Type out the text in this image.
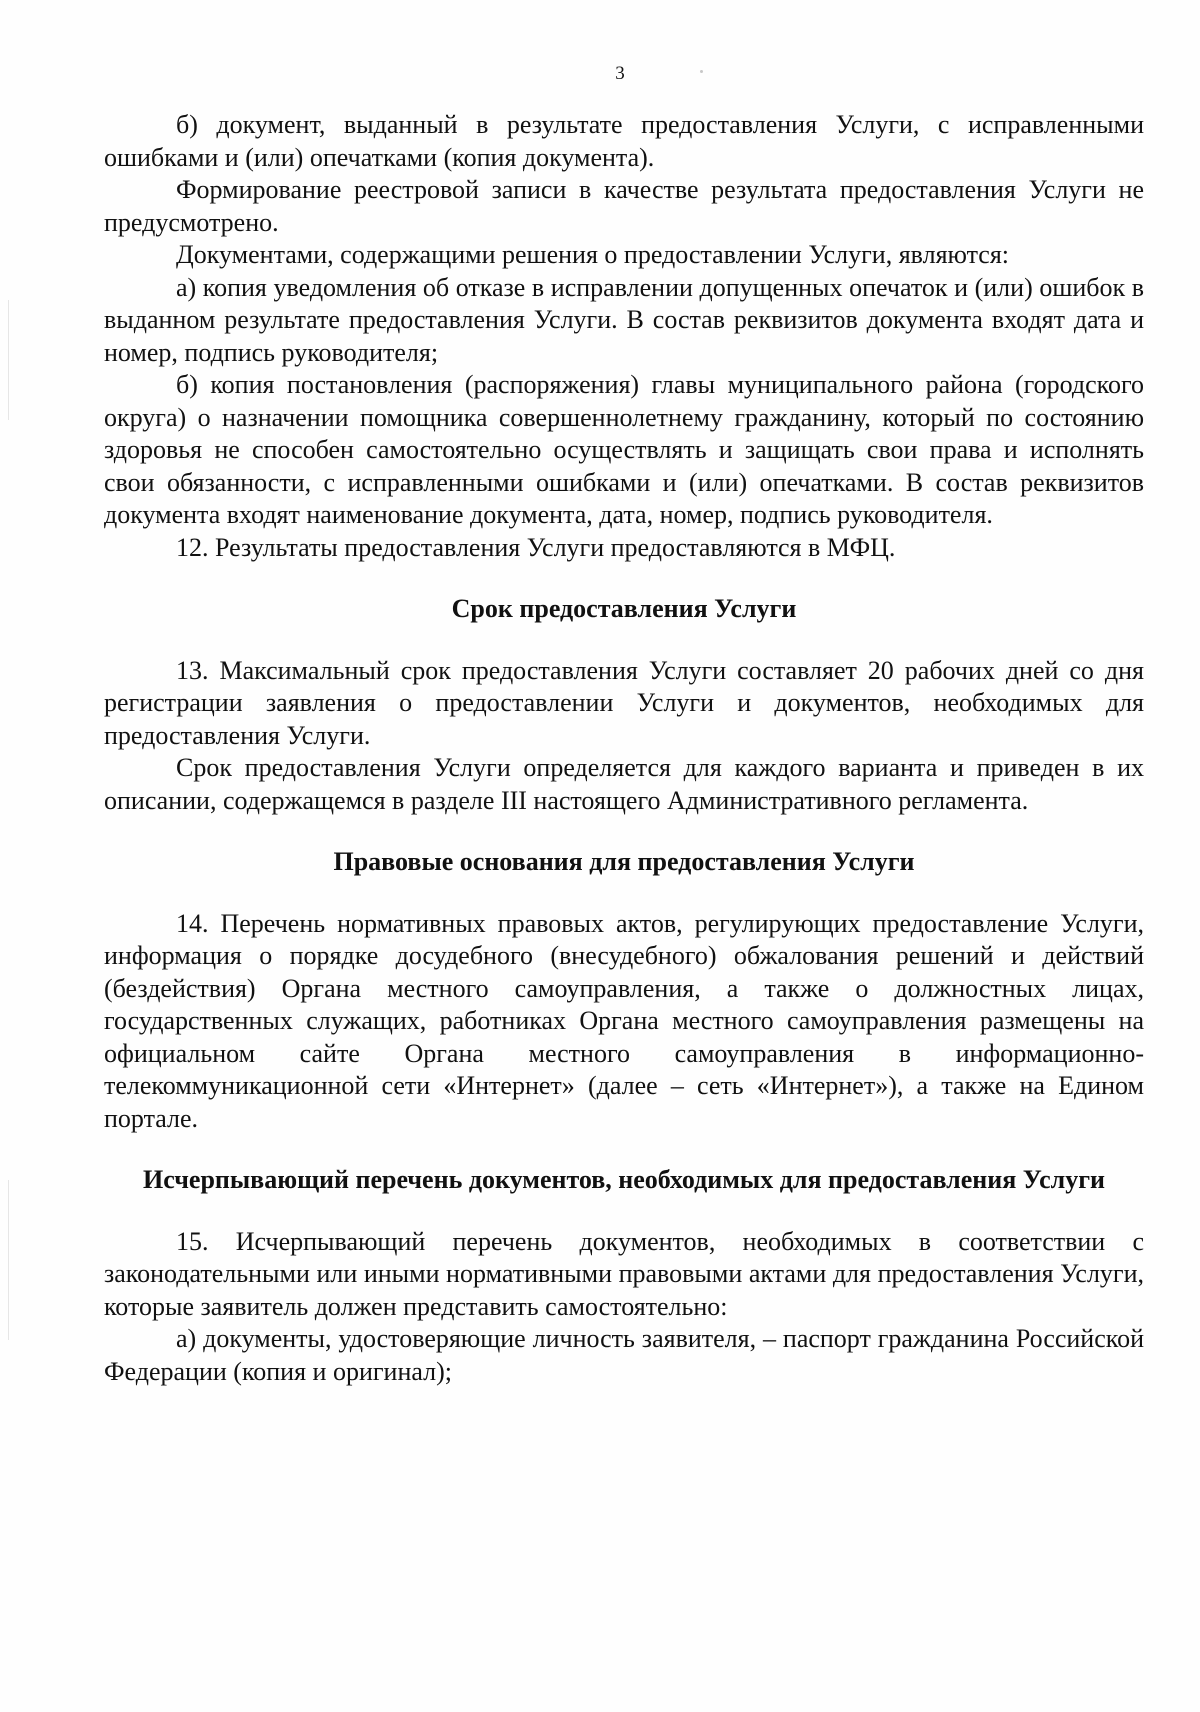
3

б) документ, выданный в результате предоставления Услуги, с исправленными ошибками и (или) опечатками (копия документа).

Формирование реестровой записи в качестве результата предоставления Услуги не предусмотрено.

Документами, содержащими решения о предоставлении Услуги, являются:

а) копия уведомления об отказе в исправлении допущенных опечаток и (или) ошибок в выданном результате предоставления Услуги. В состав реквизитов документа входят дата и номер, подпись руководителя;

б) копия постановления (распоряжения) главы муниципального района (городского округа) о назначении помощника совершеннолетнему гражданину, который по состоянию здоровья не способен самостоятельно осуществлять и защищать свои права и исполнять свои обязанности, с исправленными ошибками и (или) опечатками. В состав реквизитов документа входят наименование документа, дата, номер, подпись руководителя.

12. Результаты предоставления Услуги предоставляются в МФЦ.

Срок предоставления Услуги

13. Максимальный срок предоставления Услуги составляет 20 рабочих дней со дня регистрации заявления о предоставлении Услуги и документов, необходимых для предоставления Услуги.

Срок предоставления Услуги определяется для каждого варианта и приведен в их описании, содержащемся в разделе III настоящего Административного регламента.

Правовые основания для предоставления Услуги

14. Перечень нормативных правовых актов, регулирующих предоставление Услуги, информация о порядке досудебного (внесудебного) обжалования решений и действий (бездействия) Органа местного самоуправления, а также о должностных лицах, государственных служащих, работниках Органа местного самоуправления размещены на официальном сайте Органа местного самоуправления в информационно-телекоммуникационной сети «Интернет» (далее – сеть «Интернет»), а также на Едином портале.

Исчерпывающий перечень документов, необходимых для предоставления Услуги

15. Исчерпывающий перечень документов, необходимых в соответствии с законодательными или иными нормативными правовыми актами для предоставления Услуги, которые заявитель должен представить самостоятельно:

а) документы, удостоверяющие личность заявителя, – паспорт гражданина Российской Федерации (копия и оригинал);
